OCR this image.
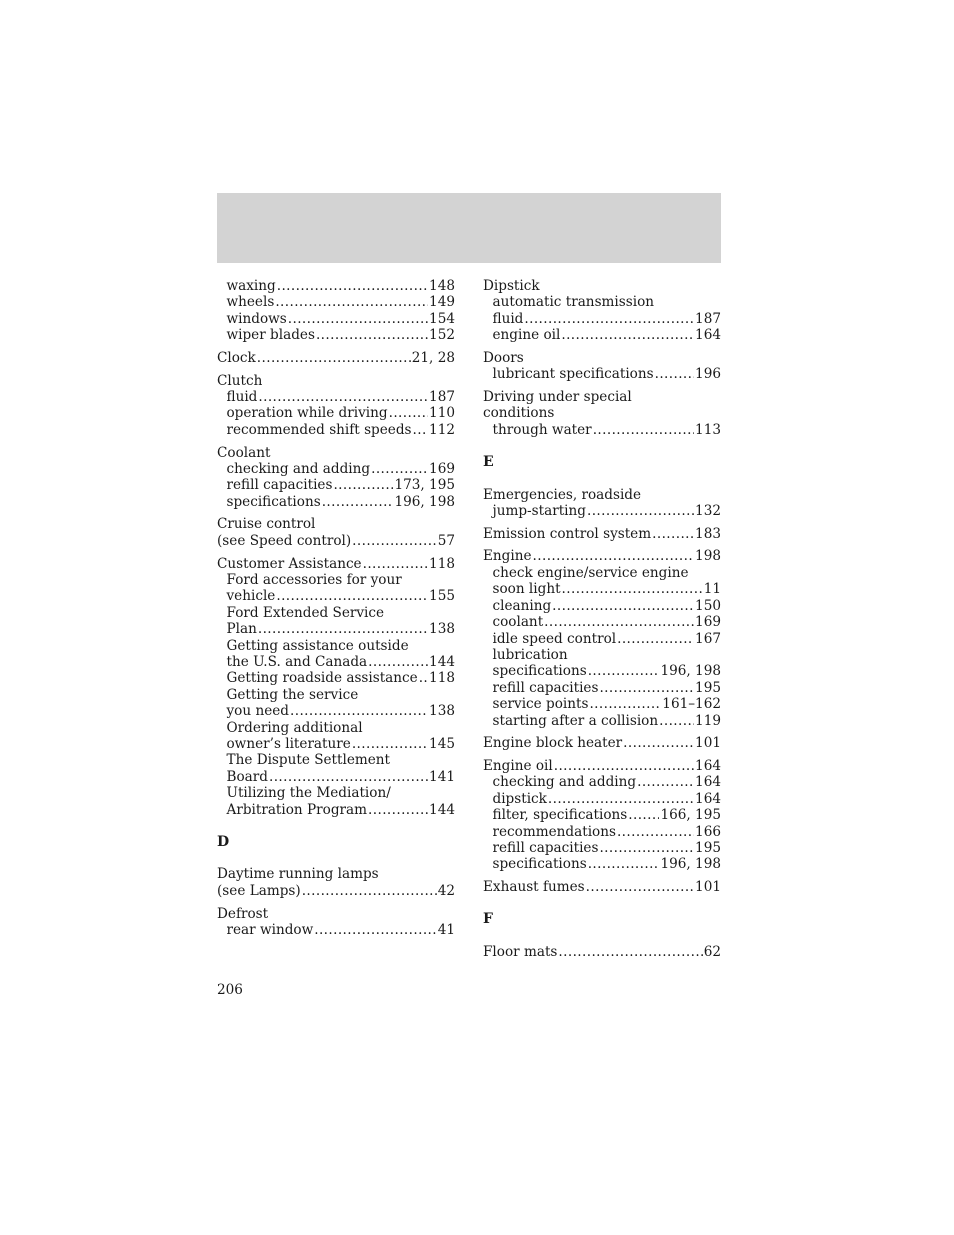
waxing .....	148
wheels .....	149
windows .....	154
wiper blades .....	152
Clock .....	21, 28
Clutch
fluid .....	187
operation while driving .....	110
recommended shift speeds ..... 112
Coolant
checking and adding .....	169
refill capacities .....	173, 195
specifications .....	196, 198
Cruise control
(see Speed control) .....	57
Customer Assistance .....	118
Ford accessories for your
vehicle .....	155
Ford Extended Service
Plan .....	138
Getting assistance outside
the U.S. and Canada .....	144
Getting roadside assistance ..... 118
Getting the service
you need .....	138
Ordering additional
owner’s literature .....	145
The Dispute Settlement
Board .....	141
Utilizing the Mediation/
Arbitration Program .....	144
D
Daytime running lamps
(see Lamps) .....	42
Defrost
rear window .....	41
Dipstick
automatic transmission
fluid .....	187
engine oil .....	164
Doors
lubricant specifications .....	196
Driving under special
conditions
through water .....	113
E
Emergencies, roadside
jump-starting .....	132
Emission control system .....	183
Engine .....	198
check engine/service engine
soon light .....	11
cleaning .....	150
coolant .....	169
idle speed control .....	167
lubrication
specifications .....	196, 198
refill capacities .....	195
service points .....	161–162
starting after a collision .....	119
Engine block heater .....	101
Engine oil .....	164
checking and adding .....	164
dipstick .....	164
filter, specifications ..... 166, 195
recommendations .....	166
refill capacities .....	195
specifications .....	196, 198
Exhaust fumes .....	101
F
Floor mats .....	62
206
